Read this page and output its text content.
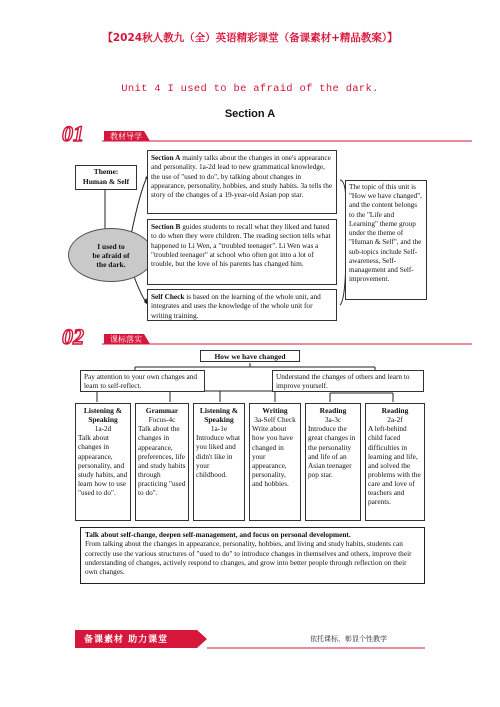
【2024秋人教九（全）英语精彩课堂（备课素材+精品教案）】
Unit 4 I used to be afraid of the dark.
Section A
01	教材导学
Theme:
Human & Self
I used to
be afraid of
the dark.
Section A mainly talks about the changes in one's appearance and personality. 1a-2d lead to new grammatical knowledge, the use of "used to do", by talking about changes in appearance, personality, hobbies, and study habits. 3a tells the story of the changes of a 19-year-old Asian pop star.
Section B guides students to recall what they liked and hated to do when they were children. The reading section tells what happened to Li Wen, a "troubled teenager". Li Wen was a "troubled teenager" at school who often got into a lot of trouble, but the love of his parents has changed him.
Self Check is based on the learning of the whole unit, and integrates and uses the knowledge of the whole unit for writing training.
The topic of this unit is "How we have changed", and the content belongs to the "Life and Learning" theme group under the theme of "Human & Self", and the sub-topics include Self-awareness, Self-management and Self-improvement.
02	课标落实
How we have changed
Pay attention to your own changes and learn to self-reflect.
Understand the changes of others and learn to improve yourself.
Listening & Speaking
1a-2d
Talk about changes in appearance, personality, and study habits, and learn how to use "used to do".
Grammar
Focus-4c
Talk about the changes in appearance, preferences, life and study habits through practicing "used to do".
Listening & Speaking
1a-1e
Introduce what you liked and didn't like in your childhood.
Writing
3a-Self Check
Write about how you have changed in your appearance, personality, and hobbies.
Reading
3a-3c
Introduce the great changes in the personality and life of an Asian teenager pop star.
Reading
2a-2f
A left-behind child faced difficulties in learning and life, and solved the problems with the care and love of teachers and parents.
Talk about self-change, deepen self-management, and focus on personal development.
From talking about the changes in appearance, personality, hobbies, and living and study habits, students can correctly use the various structures of "used to do" to introduce changes in themselves and others, improve their understanding of changes, actively respond to changes, and grow into better people through reflection on their own changes.
备课素材 助力课堂	依托课标，彰显个性教学
